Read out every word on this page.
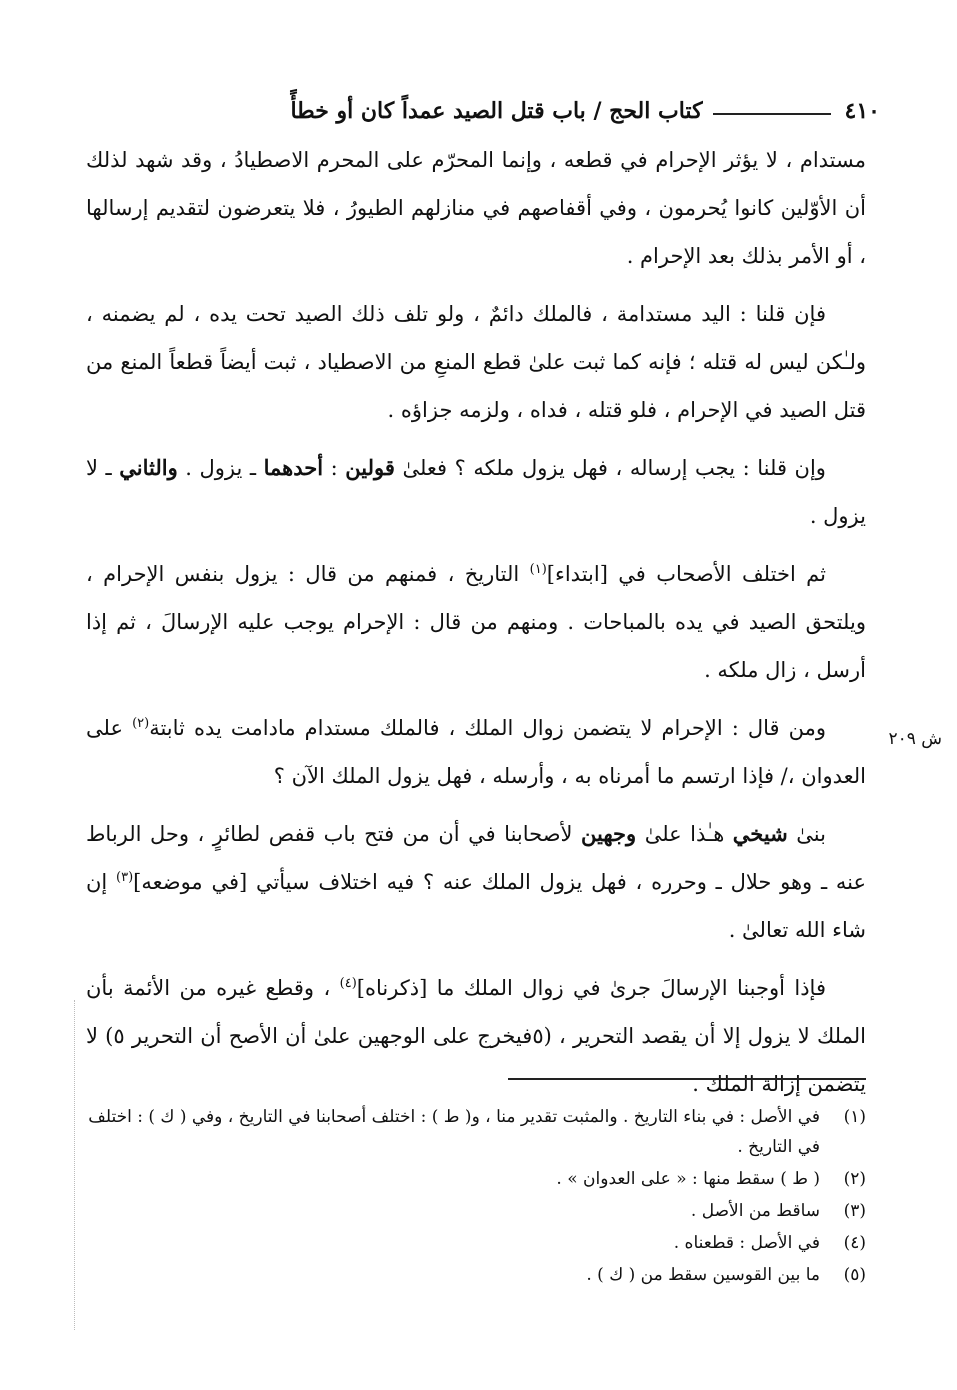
٤١٠
كتاب الحج / باب قتل الصيد عمداً كان أو خطأً

مستدام ، لا يؤثر الإحرام في قطعه ، وإنما المحرّم على المحرم الاصطيادُ ، وقد شهد لذلك أن الأوّلين كانوا يُحرمون ، وفي أقفاصهم في منازلهم الطيورُ ، فلا يتعرضون لتقديم إرسالها ، أو الأمر بذلك بعد الإحرام .

فإن قلنا : اليد مستدامة ، فالملك دائمٌ ، ولو تلف ذلك الصيد تحت يده ، لم يضمنه ، ولـٰكن ليس له قتله ؛ فإنه كما ثبت علىٰ قطع المنعِ من الاصطياد ، ثبت أيضاً قطعاً المنع من قتل الصيد في الإحرام ، فلو قتله ، فداه ، ولزمه جزاؤه .

وإن قلنا : يجب إرساله ، فهل يزول ملكه ؟ فعلىٰ قولين : أحدهما ـ يزول . والثاني ـ لا يزول .

ثم اختلف الأصحاب في [ابتداء]$^{(١)}$ التاريخ ، فمنهم من قال : يزول بنفس الإحرام ، ويلتحق الصيد في يده بالمباحات . ومنهم من قال : الإحرام يوجب عليه الإرسالَ ، ثم إذا أرسل ، زال ملكه .

ومن قال : الإحرام لا يتضمن زوال الملك ، فالملك مستدام مادامت يده ثابتة$^{(٢)}$ على العدوان ،/ فإذا ارتسم ما أمرناه به ، وأرسله ، فهل يزول الملك الآن ؟

بنىٰ شيخي هـٰذا علىٰ وجهين لأصحابنا في أن من فتح باب قفص لطائرٍ ، وحل الرباط عنه ـ وهو حلال ـ وحرره ، فهل يزول الملك عنه ؟ فيه اختلاف سيأتي [في موضعه]$^{(٣)}$ إن شاء الله تعالىٰ .

فإذا أوجبنا الإرسالَ جرىٰ في زوال الملك ما [ذكرناه]$^{(٤)}$ ، وقطع غيره من الأئمة بأن الملك لا يزول إلا أن يقصد التحرير ، (٥فيخرج على الوجهين علىٰ أن الأصح أن التحرير ٥) لا يتضمن إزالة الملك .

ش ٢٠٩
(١)
في الأصل : في بناء التاريخ . والمثبت تقدير منا ، و( ط ) : اختلف أصحابنا في التاريخ ، وفي ( ك ) : اختلف في التاريخ .
(٢)
( ط ) سقط منها : « على العدوان » .
(٣)
ساقط من الأصل .
(٤)
في الأصل : قطعناه .
(٥)
ما بين القوسين سقط من ( ك ) .
